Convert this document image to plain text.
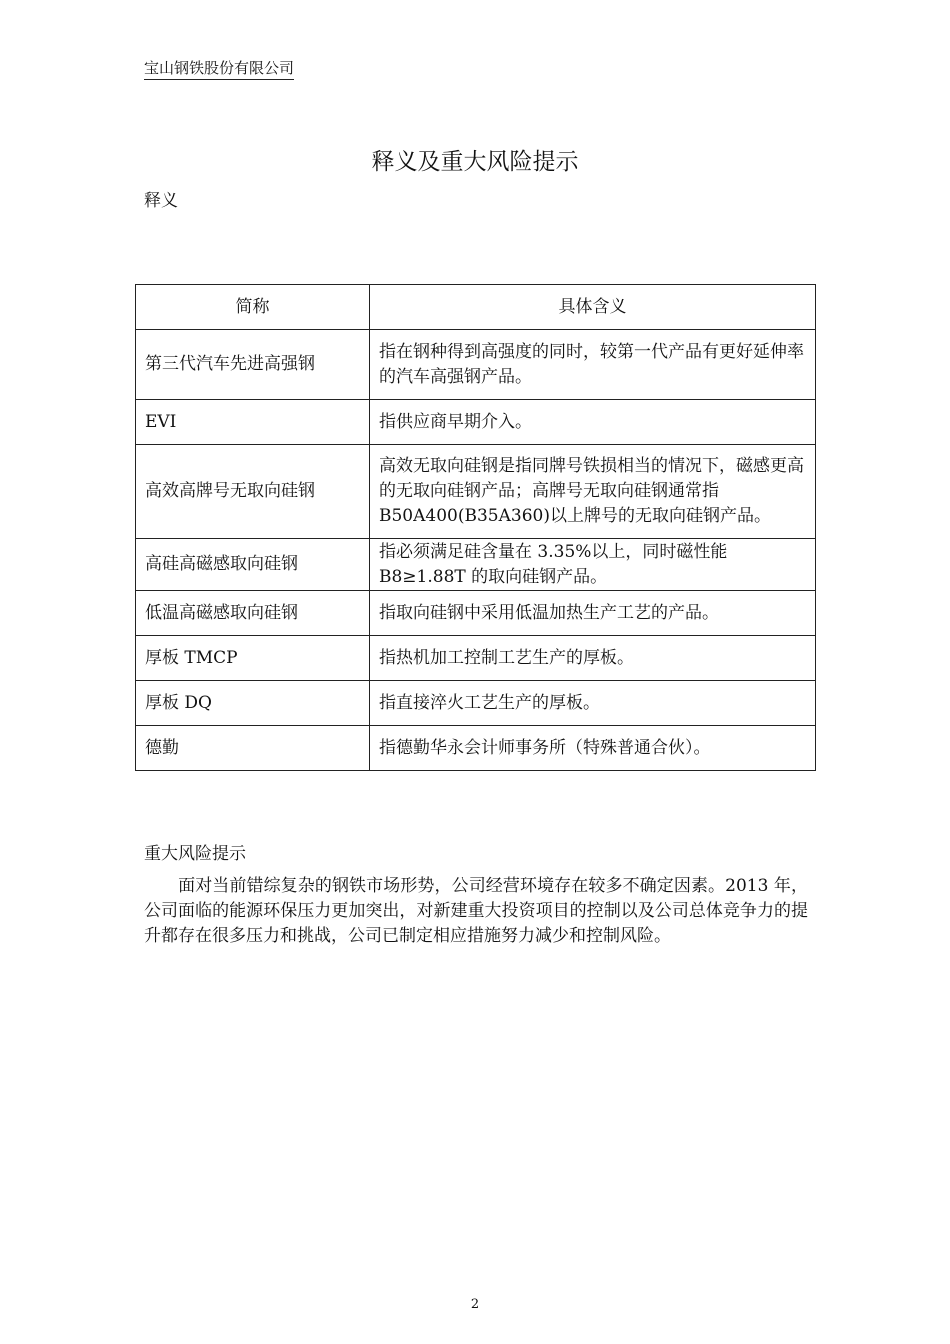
宝山钢铁股份有限公司
释义及重大风险提示
释义
简称	具体含义
第三代汽车先进高强钢	指在钢种得到高强度的同时，较第一代产品有更好延伸率的汽车高强钢产品。
EVI	指供应商早期介入。
高效高牌号无取向硅钢	高效无取向硅钢是指同牌号铁损相当的情况下，磁感更高的无取向硅钢产品；高牌号无取向硅钢通常指 B50A400(B35A360)以上牌号的无取向硅钢产品。
高硅高磁感取向硅钢	指必须满足硅含量在 3.35%以上，同时磁性能 B8≥1.88T 的取向硅钢产品。
低温高磁感取向硅钢	指取向硅钢中采用低温加热生产工艺的产品。
厚板 TMCP	指热机加工控制工艺生产的厚板。
厚板 DQ	指直接淬火工艺生产的厚板。
德勤	指德勤华永会计师事务所（特殊普通合伙）。
重大风险提示
面对当前错综复杂的钢铁市场形势，公司经营环境存在较多不确定因素。2013 年，公司面临的能源环保压力更加突出，对新建重大投资项目的控制以及公司总体竞争力的提升都存在很多压力和挑战，公司已制定相应措施努力减少和控制风险。
2
